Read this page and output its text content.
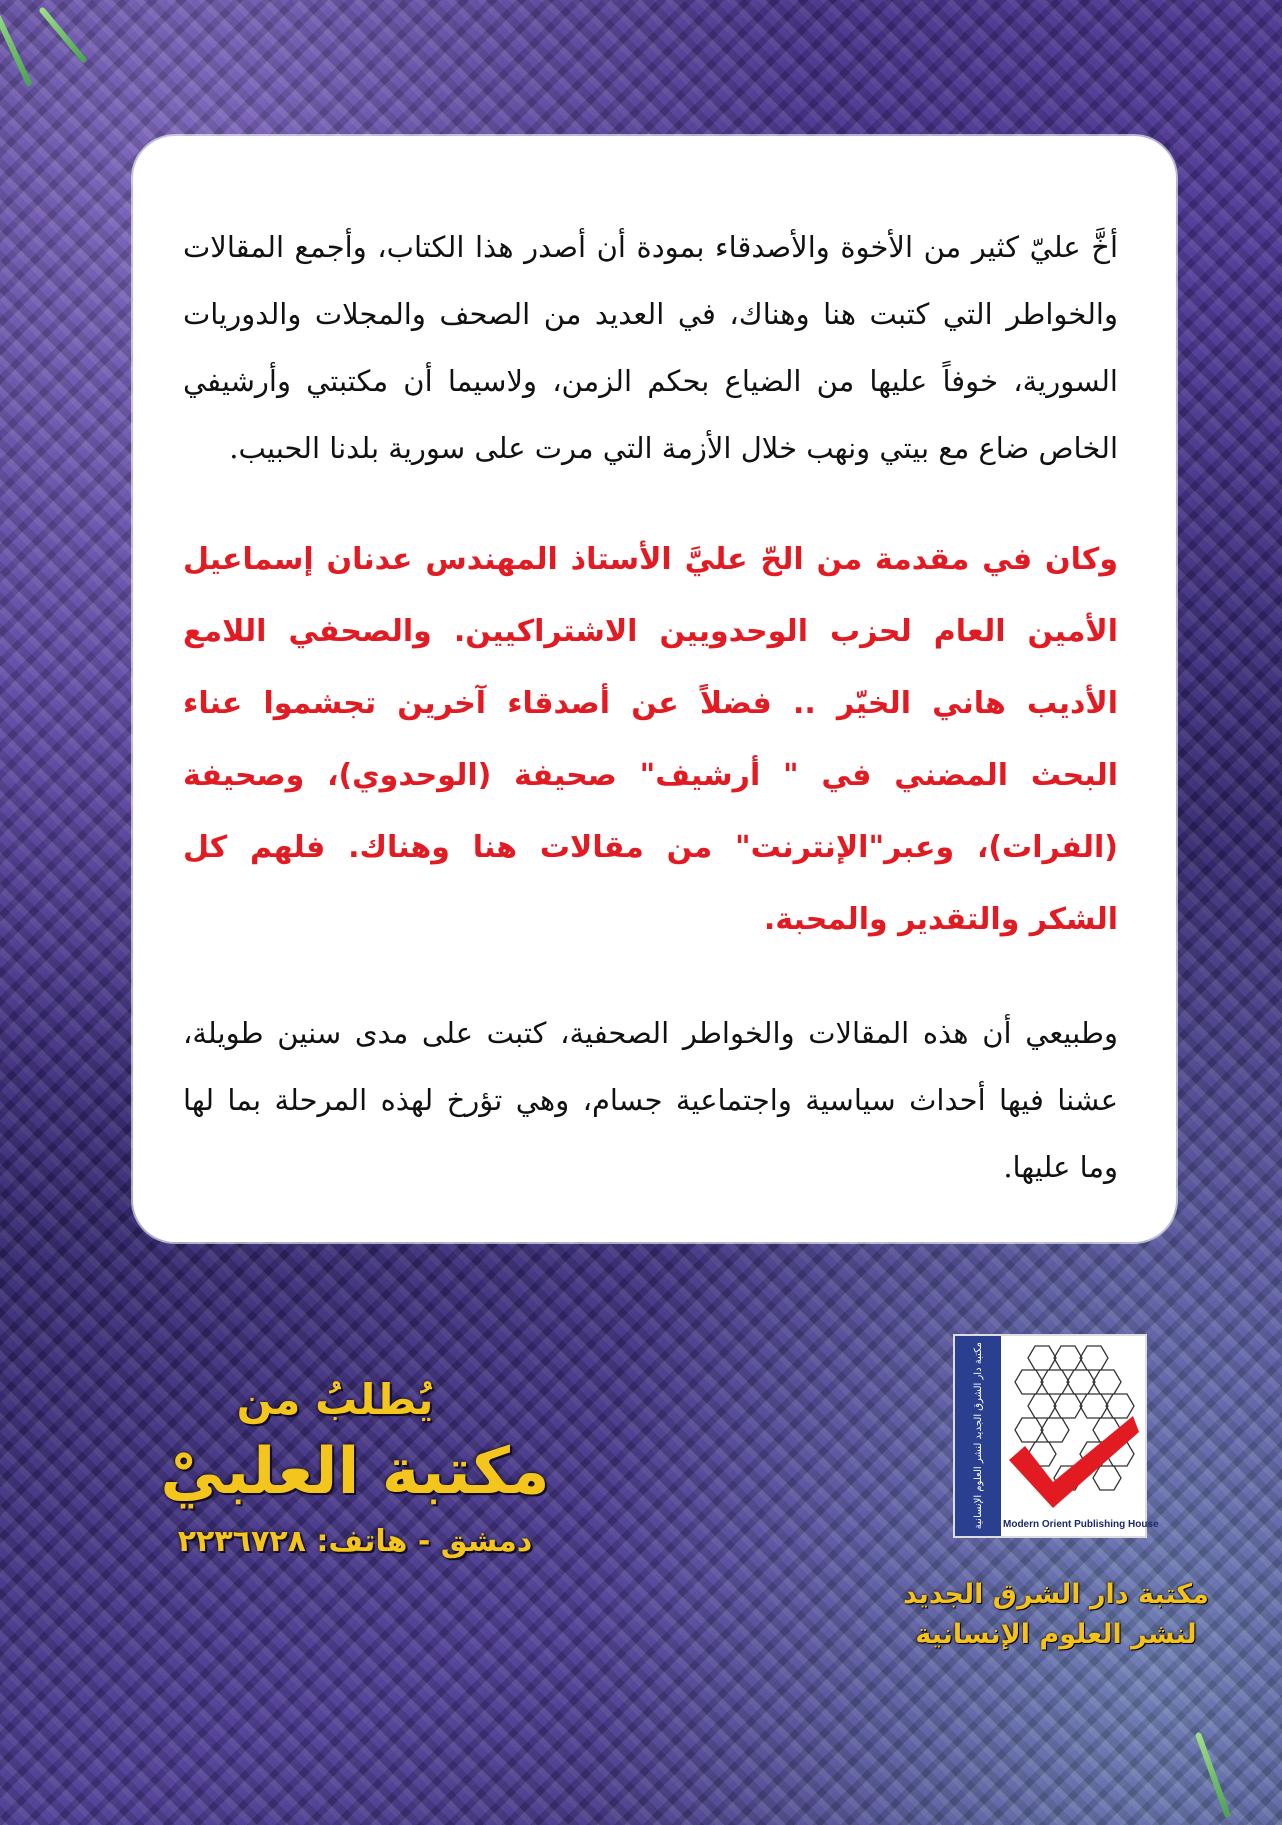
أخَّ عليّ كثير من الأخوة والأصدقاء بمودة أن أصدر هذا الكتاب، وأجمع المقالات والخواطر التي كتبت هنا وهناك، في العديد من الصحف والمجلات والدوريات السورية، خوفاً عليها من الضياع بحكم الزمن، ولاسيما أن مكتبتي وأرشيفي الخاص ضاع مع بيتي ونهب خلال الأزمة التي مرت على سورية بلدنا الحبيب.

وكان في مقدمة من الحّ عليَّ الأستاذ المهندس عدنان إسماعيل الأمين العام لحزب الوحدويين الاشتراكيين. والصحفي اللامع الأديب هاني الخيّر .. فضلاً عن أصدقاء آخرين تجشموا عناء البحث المضني في " أرشيف" صحيفة (الوحدوي)، وصحيفة (الفرات)، وعبر"الإنترنت" من مقالات هنا وهناك. فلهم كل الشكر والتقدير والمحبة.

وطبيعي أن هذه المقالات والخواطر الصحفية، كتبت على مدى سنين طويلة، عشنا فيها أحداث سياسية واجتماعية جسام، وهي تؤرخ لهذه المرحلة بما لها وما عليها.

مكتبة دار الشرق الجديد لنشر العلوم الإنسانية Modern Orient Publishing House
مكتبة دار الشرق الجديد
لنشر العلوم الإنسانية
يُطلبُ من
مكتبة العلبيْ
دمشق - هاتف: ٢٢٣٦٧٢٨
